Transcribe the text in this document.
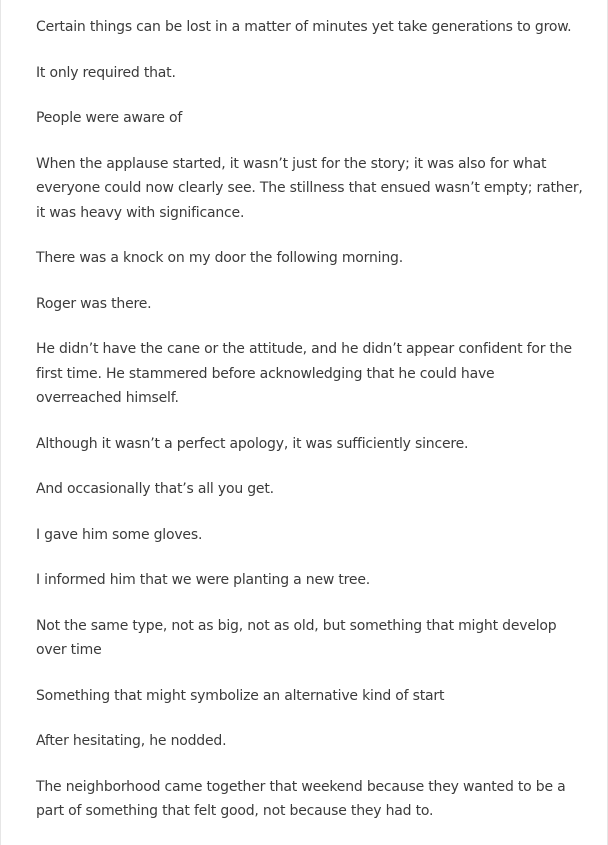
Certain things can be lost in a matter of minutes yet take generations to grow.

It only required that.

People were aware of

When the applause started, it wasn’t just for the story; it was also for what everyone could now clearly see. The stillness that ensued wasn’t empty; rather, it was heavy with significance.

There was a knock on my door the following morning.

Roger was there.

He didn’t have the cane or the attitude, and he didn’t appear confident for the first time. He stammered before acknowledging that he could have overreached himself.

Although it wasn’t a perfect apology, it was sufficiently sincere.

And occasionally that’s all you get.

I gave him some gloves.

I informed him that we were planting a new tree.

Not the same type, not as big, not as old, but something that might develop over time

Something that might symbolize an alternative kind of start

After hesitating, he nodded.

The neighborhood came together that weekend because they wanted to be a part of something that felt good, not because they had to.
